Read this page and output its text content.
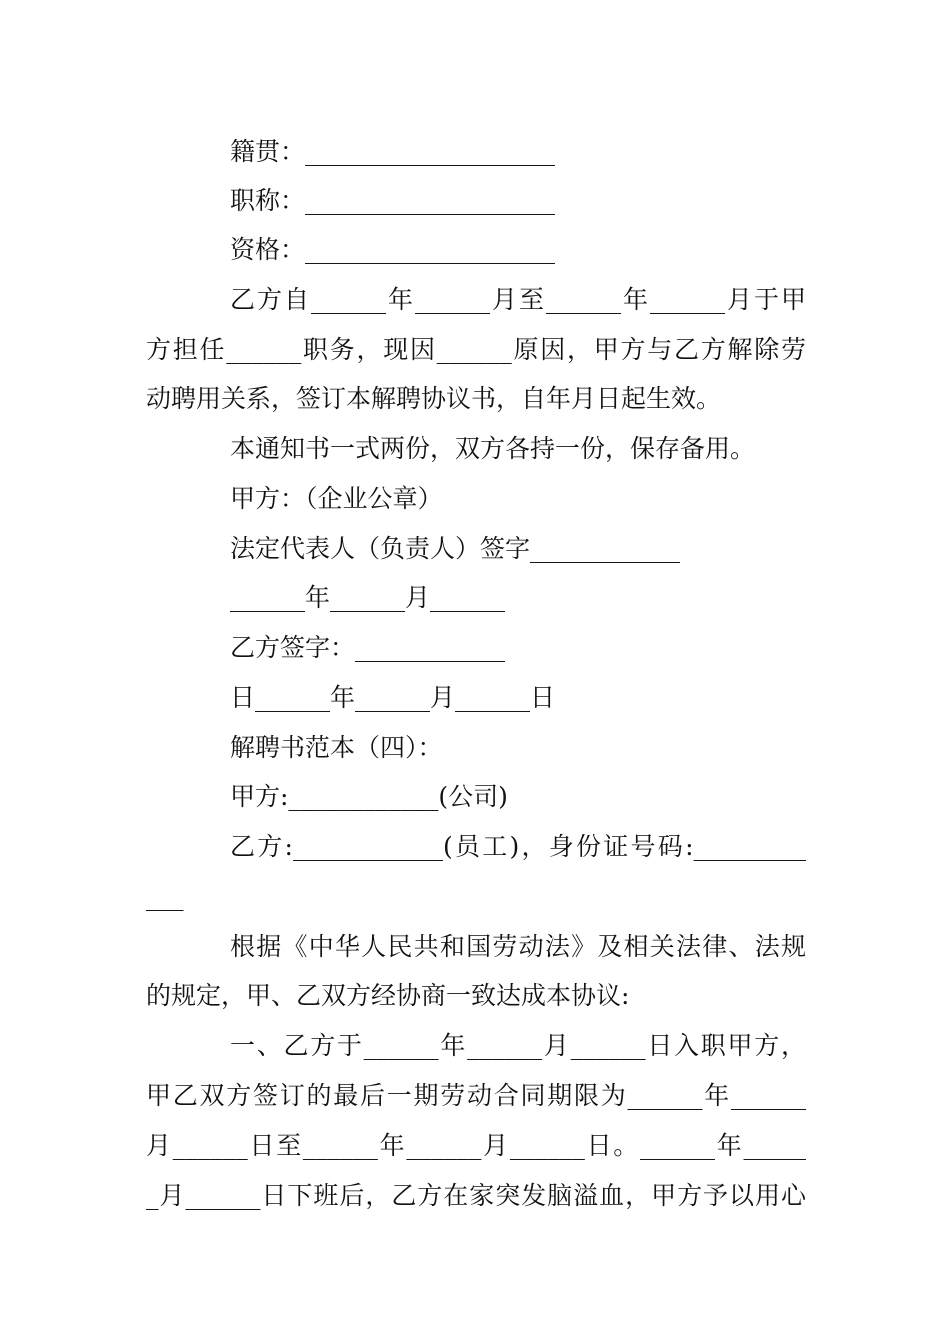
籍贯：____________________
职称：____________________
资格：____________________
乙方自______年______月至______年______月于甲
方担任______职务，现因______原因，甲方与乙方解除劳
动聘用关系，签订本解聘协议书，自年月日起生效。
本通知书一式两份，双方各持一份，保存备用。
甲方：（企业公章）
法定代表人（负责人）签字____________
______年______月______
乙方签字：____________
日______年______月______日
解聘书范本（四）：
甲方:____________(公司)
乙方:____________(员工)，身份证号码:_________
___
根据《中华人民共和国劳动法》及相关法律、法规
的规定，甲、乙双方经协商一致达成本协议:
一、乙方于______年______月______日入职甲方，
甲乙双方签订的最后一期劳动合同期限为______年______
月______日至______年______月______日。______年_____
_月______日下班后，乙方在家突发脑溢血，甲方予以用心
